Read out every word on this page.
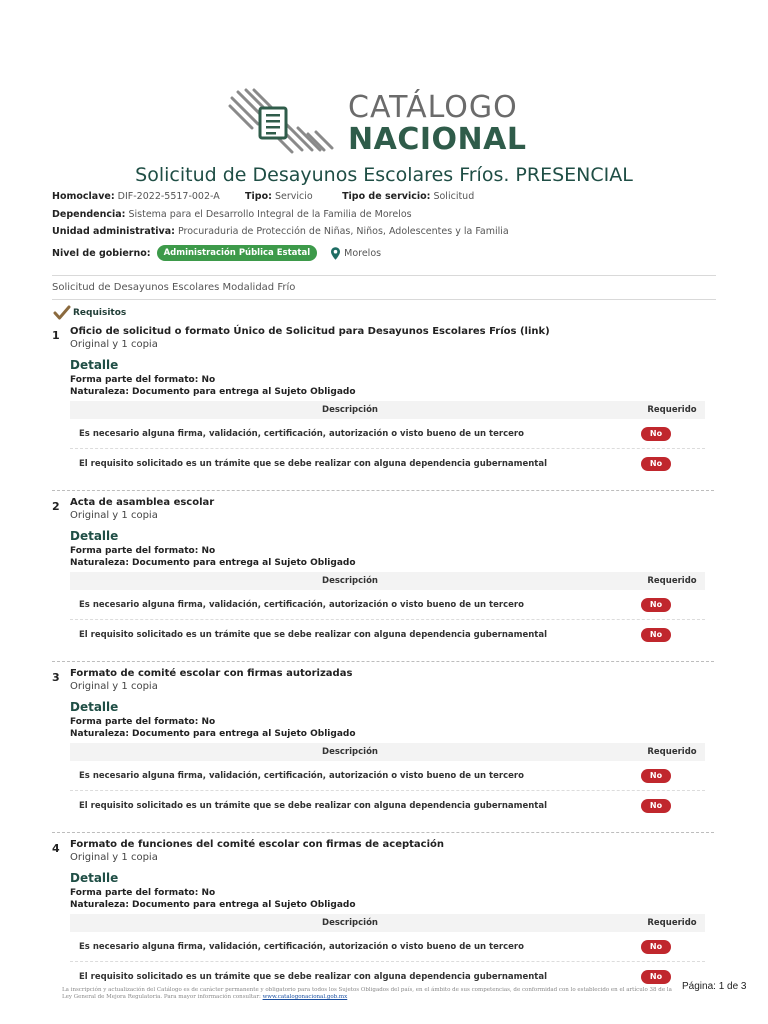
CATÁLOGO
NACIONAL
Solicitud de Desayunos Escolares Fríos. PRESENCIAL
Homoclave: DIF-2022-5517-002-A	Tipo: Servicio	Tipo de servicio: Solicitud
Dependencia: Sistema para el Desarrollo Integral de la Familia de Morelos
Unidad administrativa: Procuraduria de Protección de Niñas, Niños, Adolescentes y la Familia
Nivel de gobierno:	Administración Pública Estatal	Morelos
Solicitud de Desayunos Escolares Modalidad Frío
Requisitos
1 Oficio de solicitud o formato Único de Solicitud para Desayunos Escolares Fríos (link)
Original y 1 copia
Detalle
Forma parte del formato: No
Naturaleza: Documento para entrega al Sujeto Obligado
Descripción	Requerido
Es necesario alguna firma, validación, certificación, autorización o visto bueno de un tercero	No
El requisito solicitado es un trámite que se debe realizar con alguna dependencia gubernamental	No
2 Acta de asamblea escolar
Original y 1 copia
Detalle
Forma parte del formato: No
Naturaleza: Documento para entrega al Sujeto Obligado
Descripción	Requerido
Es necesario alguna firma, validación, certificación, autorización o visto bueno de un tercero	No
El requisito solicitado es un trámite que se debe realizar con alguna dependencia gubernamental	No
3 Formato de comité escolar con firmas autorizadas
Original y 1 copia
Detalle
Forma parte del formato: No
Naturaleza: Documento para entrega al Sujeto Obligado
Descripción	Requerido
Es necesario alguna firma, validación, certificación, autorización o visto bueno de un tercero	No
El requisito solicitado es un trámite que se debe realizar con alguna dependencia gubernamental	No
4 Formato de funciones del comité escolar con firmas de aceptación
Original y 1 copia
Detalle
Forma parte del formato: No
Naturaleza: Documento para entrega al Sujeto Obligado
Descripción	Requerido
Es necesario alguna firma, validación, certificación, autorización o visto bueno de un tercero	No
El requisito solicitado es un trámite que se debe realizar con alguna dependencia gubernamental	No
La inscripción y actualización del Catálogo es de carácter permanente y obligatorio para todos los Sujetos Obligados del país, en el ámbito de sus competencias, de conformidad con lo establecido en el artículo 38 de la Ley General de Mejora Regulatoria. Para mayor información consultar: www.catalogonacional.gob.mx
Página: 1 de 3
